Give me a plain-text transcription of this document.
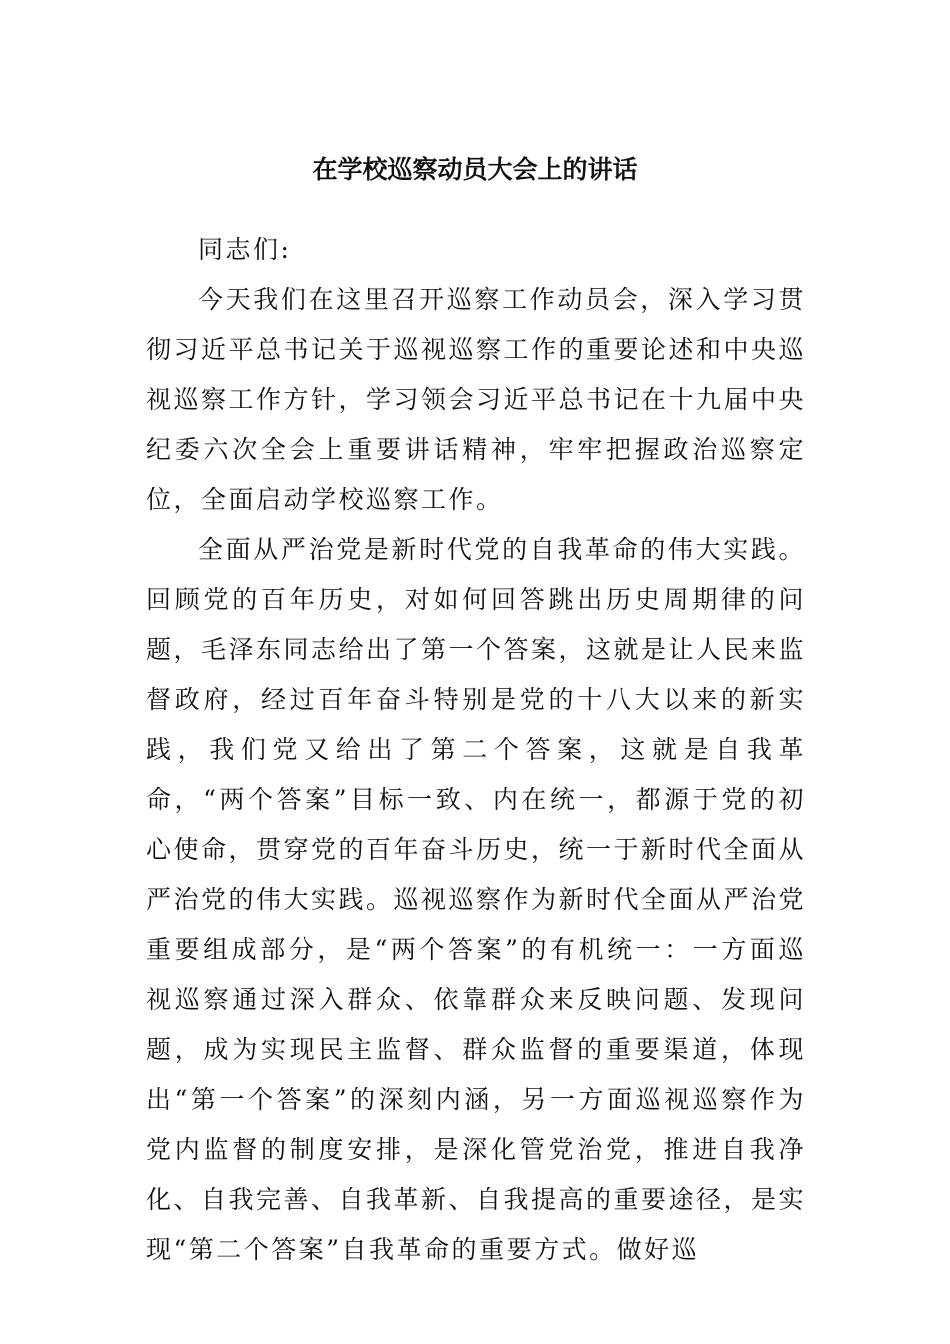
在学校巡察动员大会上的讲话

同志们:

今天我们在这里召开巡察工作动员会，深入学习贯彻习近平总书记关于巡视巡察工作的重要论述和中央巡视巡察工作方针，学习领会习近平总书记在十九届中央纪委六次全会上重要讲话精神，牢牢把握政治巡察定位，全面启动学校巡察工作。

全面从严治党是新时代党的自我革命的伟大实践。回顾党的百年历史，对如何回答跳出历史周期律的问题，毛泽东同志给出了第一个答案，这就是让人民来监督政府，经过百年奋斗特别是党的十八大以来的新实践，我们党又给出了第二个答案，这就是自我革命，“两个答案”目标一致、内在统一，都源于党的初心使命，贯穿党的百年奋斗历史，统一于新时代全面从严治党的伟大实践。巡视巡察作为新时代全面从严治党重要组成部分，是“两个答案”的有机统一：一方面巡视巡察通过深入群众、依靠群众来反映问题、发现问题，成为实现民主监督、群众监督的重要渠道，体现出“第一个答案”的深刻内涵，另一方面巡视巡察作为党内监督的制度安排，是深化管党治党，推进自我净化、自我完善、自我革新、自我提高的重要途径，是实现“第二个答案”自我革命的重要方式。做好巡
